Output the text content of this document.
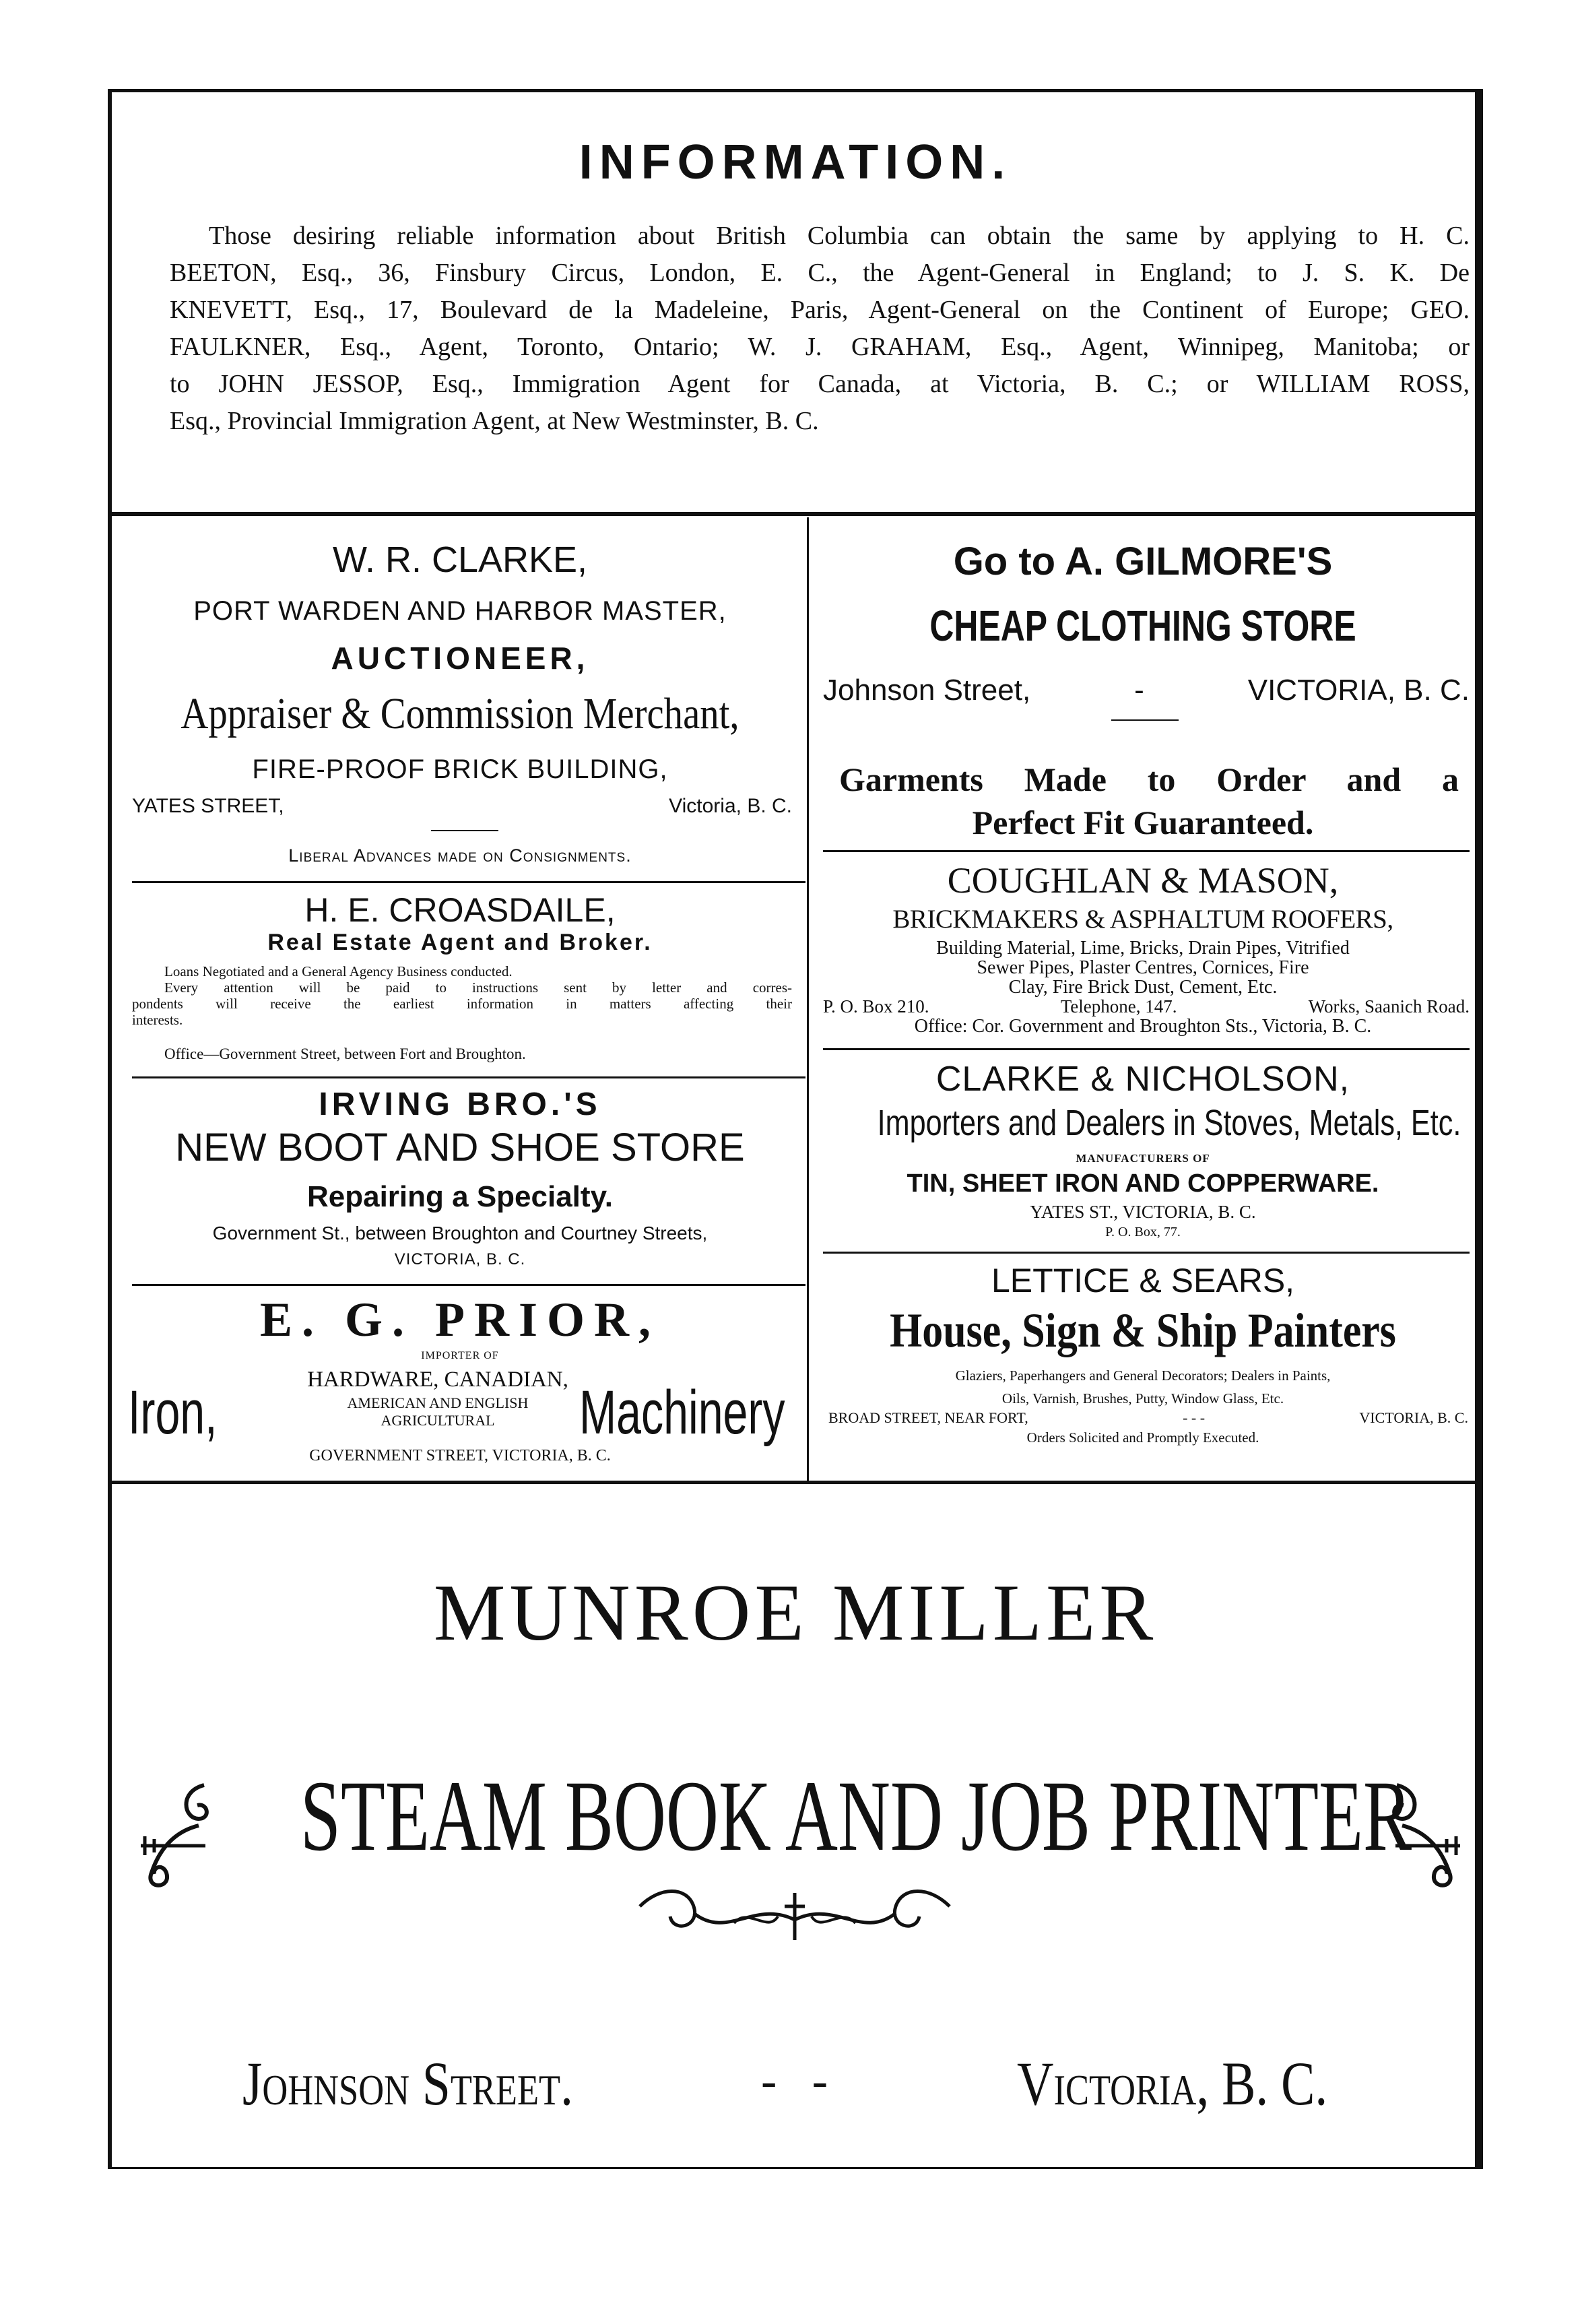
INFORMATION.
Those desiring reliable information about British Columbia can obtain the same by applying to H. C.
BEETON, Esq., 36, Finsbury Circus, London, E. C., the Agent-General in England; to J. S. K. De
KNEVETT, Esq., 17, Boulevard de la Madeleine, Paris, Agent-General on the Continent of Europe; GEO.
FAULKNER, Esq., Agent, Toronto, Ontario; W. J. GRAHAM, Esq., Agent, Winnipeg, Manitoba; or
to JOHN JESSOP, Esq., Immigration Agent for Canada, at Victoria, B. C.; or WILLIAM ROSS,
Esq., Provincial Immigration Agent, at New Westminster, B. C.
W. R. CLARKE,
PORT WARDEN AND HARBOR MASTER,
AUCTIONEER,
Appraiser & Commission Merchant,
FIRE-PROOF BRICK BUILDING,
YATES STREET,	Victoria, B. C.
Liberal Advances made on Consignments.
H. E. CROASDAILE,
Real Estate Agent and Broker.
Loans Negotiated and a General Agency Business conducted.
Every attention will be paid to instructions sent by letter and corres-
pondents will receive the earliest information in matters affecting their
interests.
Office—Government Street, between Fort and Broughton.
IRVING BRO.'S
NEW BOOT AND SHOE STORE
Repairing a Specialty.
Government St., between Broughton and Courtney Streets,
VICTORIA, B. C.
E. G. PRIOR,
IMPORTER OF
Iron,	HARDWARE, CANADIAN,
AMERICAN AND ENGLISH
AGRICULTURAL	Machinery
GOVERNMENT STREET, VICTORIA, B. C.
Go to A. GILMORE'S
CHEAP CLOTHING STORE
Johnson Street,	-	VICTORIA, B. C.
Garments Made to Order and a
Perfect Fit Guaranteed.
COUGHLAN & MASON,
BRICKMAKERS & ASPHALTUM ROOFERS,
Building Material, Lime, Bricks, Drain Pipes, Vitrified
Sewer Pipes, Plaster Centres, Cornices, Fire
Clay, Fire Brick Dust, Cement, Etc.
P. O. Box 210.	Telephone, 147.	Works, Saanich Road.
Office: Cor. Government and Broughton Sts., Victoria, B. C.
CLARKE & NICHOLSON,
Importers and Dealers in Stoves, Metals, Etc.
MANUFACTURERS OF
TIN, SHEET IRON AND COPPERWARE.
YATES ST., VICTORIA, B. C.
P. O. Box, 77.
LETTICE & SEARS,
House, Sign & Ship Painters
Glaziers, Paperhangers and General Decorators; Dealers in Paints,
Oils, Varnish, Brushes, Putty, Window Glass, Etc.
BROAD STREET, NEAR FORT,	- - -	VICTORIA, B. C.
Orders Solicited and Promptly Executed.
MUNROE MILLER
STEAM BOOK AND JOB PRINTER
Johnson Street.	-   -	Victoria, B. C.
